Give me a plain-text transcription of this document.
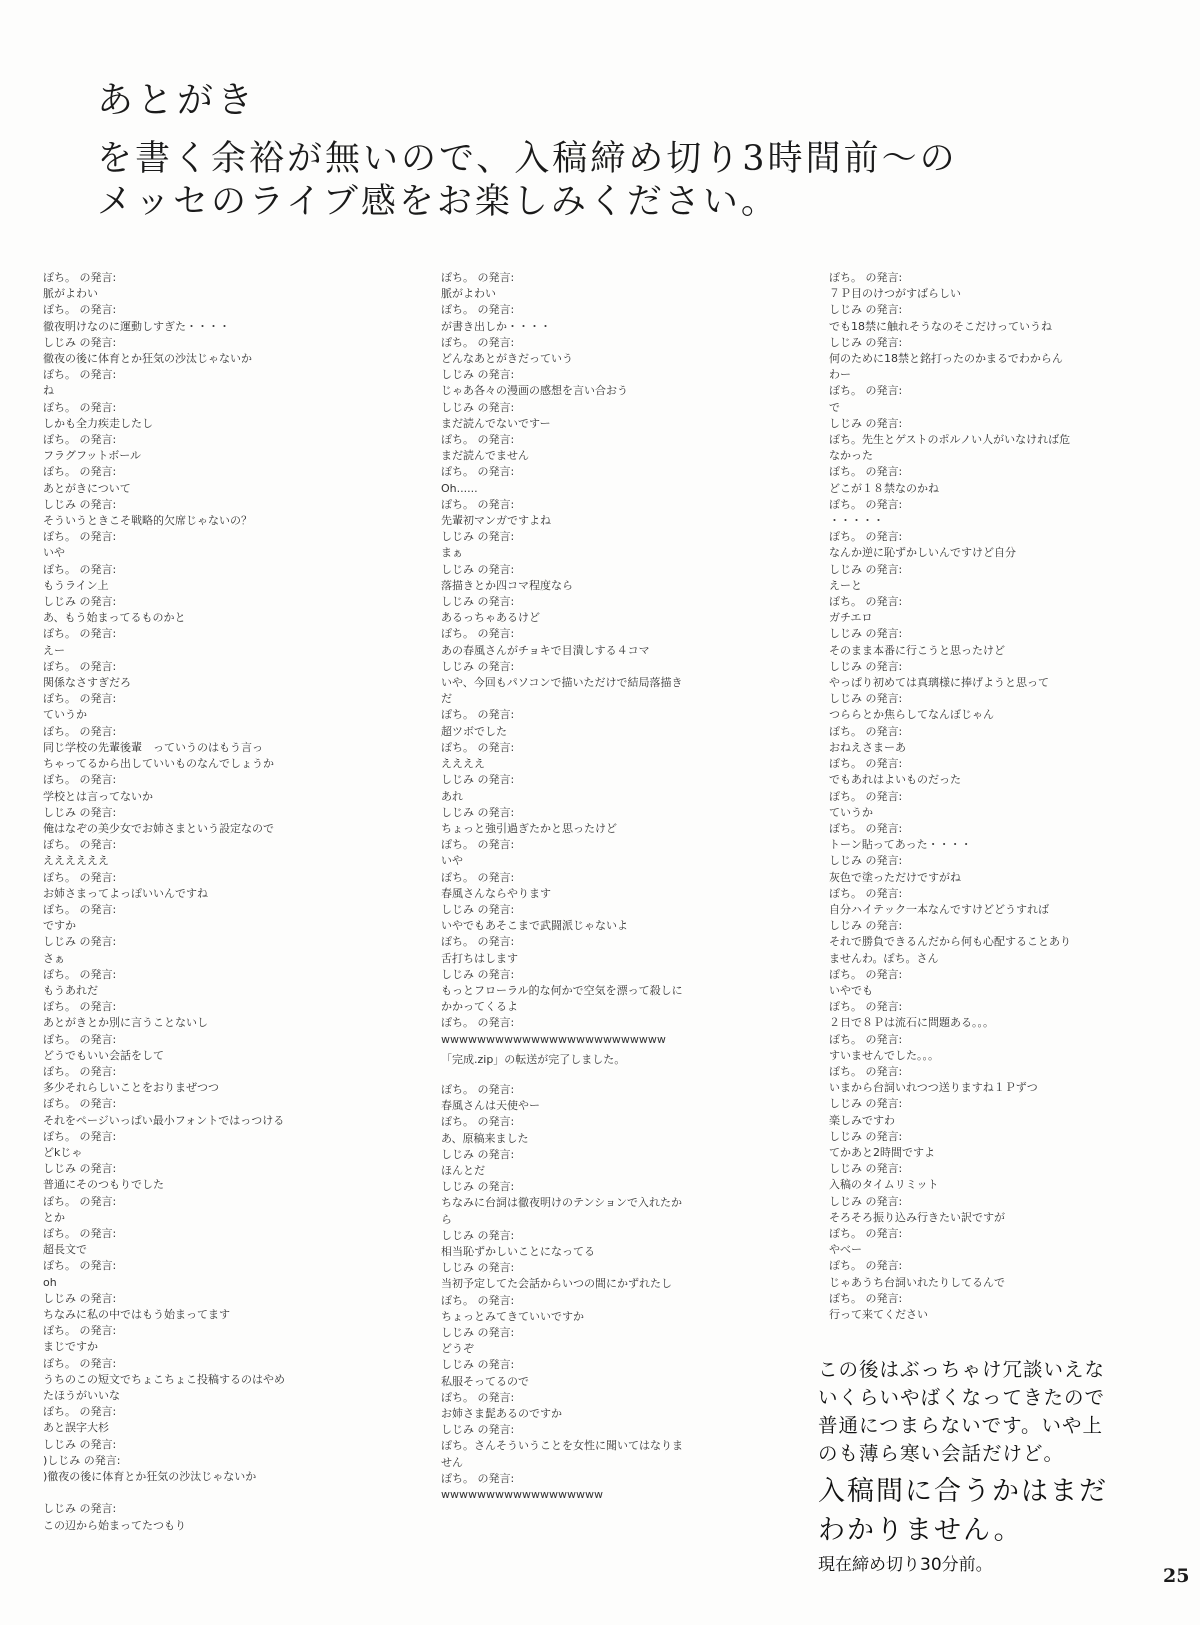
あとがき
を書く余裕が無いので、入稿締め切り3時間前〜の
メッセのライブ感をお楽しみください。
ぽち。 の発言:
脈がよわい
ぽち。 の発言:
徹夜明けなのに運動しすぎた・・・・
しじみ の発言:
徹夜の後に体育とか狂気の沙汰じゃないか
ぽち。 の発言:
ね
ぽち。 の発言:
しかも全力疾走したし
ぽち。 の発言:
フラグフットボール
ぽち。 の発言:
あとがきについて
しじみ の発言:
そういうときこそ戦略的欠席じゃないの？
ぽち。 の発言:
いや
ぽち。 の発言:
もうライン上
しじみ の発言:
あ、もう始まってるものかと
ぽち。 の発言:
えー
ぽち。 の発言:
関係なさすぎだろ
ぽち。 の発言:
ていうか
ぽち。 の発言:
同じ学校の先輩後輩　っていうのはもう言っ
ちゃってるから出していいものなんでしょうか
ぽち。 の発言:
学校とは言ってないか
しじみ の発言:
俺はなぞの美少女でお姉さまという設定なので
ぽち。 の発言:
ええええええ
ぽち。 の発言:
お姉さまってよっぽいいんですね
ぽち。 の発言:
ですか
しじみ の発言:
さぁ
ぽち。 の発言:
もうあれだ
ぽち。 の発言:
あとがきとか別に言うことないし
ぽち。 の発言:
どうでもいい会話をして
ぽち。 の発言:
多少それらしいことをおりまぜつつ
ぽち。 の発言:
それをページいっぱい最小フォントではっつける
ぽち。 の発言:
どkじゃ
しじみ の発言:
普通にそのつもりでした
ぽち。 の発言:
とか
ぽち。 の発言:
超長文で
ぽち。 の発言:
oh
しじみ の発言:
ちなみに私の中ではもう始まってます
ぽち。 の発言:
まじですか
ぽち。 の発言:
うちのこの短文でちょこちょこ投稿するのはやめ
たほうがいいな
ぽち。 の発言:
あと誤字大杉
しじみ の発言:
)しじみ の発言:
)徹夜の後に体育とか狂気の沙汰じゃないか
しじみ の発言:
この辺から始まってたつもり
ぽち。 の発言:
脈がよわい
ぽち。 の発言:
が書き出しか・・・・
ぽち。 の発言:
どんなあとがきだっていう
しじみ の発言:
じゃあ各々の漫画の感想を言い合おう
しじみ の発言:
まだ読んでないですー
ぽち。 の発言:
まだ読んでません
ぽち。 の発言:
Oh......
ぽち。 の発言:
先輩初マンガですよね
しじみ の発言:
まぁ
しじみ の発言:
落描きとか四コマ程度なら
しじみ の発言:
あるっちゃあるけど
ぽち。 の発言:
あの春風さんがチョキで目潰しする４コマ
しじみ の発言:
いや、今回もパソコンで描いただけで結局落描き
だ
ぽち。 の発言:
超ツボでした
ぽち。 の発言:
ええええ
しじみ の発言:
あれ
しじみ の発言:
ちょっと強引過ぎたかと思ったけど
ぽち。 の発言:
いや
ぽち。 の発言:
春風さんならやります
しじみ の発言:
いやでもあそこまで武闘派じゃないよ
ぽち。 の発言:
舌打ちはします
しじみ の発言:
もっとフローラル的な何かで空気を漂って殺しに
かかってくるよ
ぽち。 の発言:
wwwwwwwwwwwwwwwwwwwwwwwww
「完成.zip」の転送が完了しました。
ぽち。 の発言:
春風さんは天使やー
ぽち。 の発言:
あ、原稿来ました
しじみ の発言:
ほんとだ
しじみ の発言:
ちなみに台詞は徹夜明けのテンションで入れたか
ら
しじみ の発言:
相当恥ずかしいことになってる
しじみ の発言:
当初予定してた会話からいつの間にかずれたし
ぽち。 の発言:
ちょっとみてきていいですか
しじみ の発言:
どうぞ
しじみ の発言:
私服そってるので
ぽち。 の発言:
お姉さま髭あるのですか
しじみ の発言:
ぽち。さんそういうことを女性に聞いてはなりま
せん
ぽち。 の発言:
wwwwwwwwwwwwwwwwww
ぽち。 の発言:
７Ｐ目のけつがすばらしい
しじみ の発言:
でも18禁に触れそうなのそこだけっていうね
しじみ の発言:
何のために18禁と銘打ったのかまるでわからん
わー
ぽち。 の発言:
で
しじみ の発言:
ぽち。先生とゲストのポルノい人がいなければ危
なかった
ぽち。 の発言:
どこが１８禁なのかね
ぽち。 の発言:
・・・・・
ぽち。 の発言:
なんか逆に恥ずかしいんですけど自分
しじみ の発言:
えーと
ぽち。 の発言:
ガチエロ
しじみ の発言:
そのまま本番に行こうと思ったけど
しじみ の発言:
やっぱり初めては真璃様に捧げようと思って
しじみ の発言:
つららとか焦らしてなんぼじゃん
ぽち。 の発言:
おねえさまーあ
ぽち。 の発言:
でもあれはよいものだった
ぽち。 の発言:
ていうか
ぽち。 の発言:
トーン貼ってあった・・・・
しじみ の発言:
灰色で塗っただけですがね
ぽち。 の発言:
自分ハイテック一本なんですけどどうすれば
しじみ の発言:
それで勝負できるんだから何も心配することあり
ませんわ。ぽち。さん
ぽち。 の発言:
いやでも
ぽち。 の発言:
２日で８Ｐは流石に問題ある。。。
ぽち。 の発言:
すいませんでした。。。
ぽち。 の発言:
いまから台詞いれつつ送りますね１Ｐずつ
しじみ の発言:
楽しみですわ
しじみ の発言:
てかあと2時間ですよ
しじみ の発言:
入稿のタイムリミット
しじみ の発言:
そろそろ振り込み行きたい訳ですが
ぽち。 の発言:
やべー
ぽち。 の発言:
じゃあうち台詞いれたりしてるんで
ぽち。 の発言:
行って来てください
この後はぶっちゃけ冗談いえな
いくらいやばくなってきたので
普通につまらないです。いや上
のも薄ら寒い会話だけど。
入稿間に合うかはまだ
わかりません。
現在締め切り30分前。	25
